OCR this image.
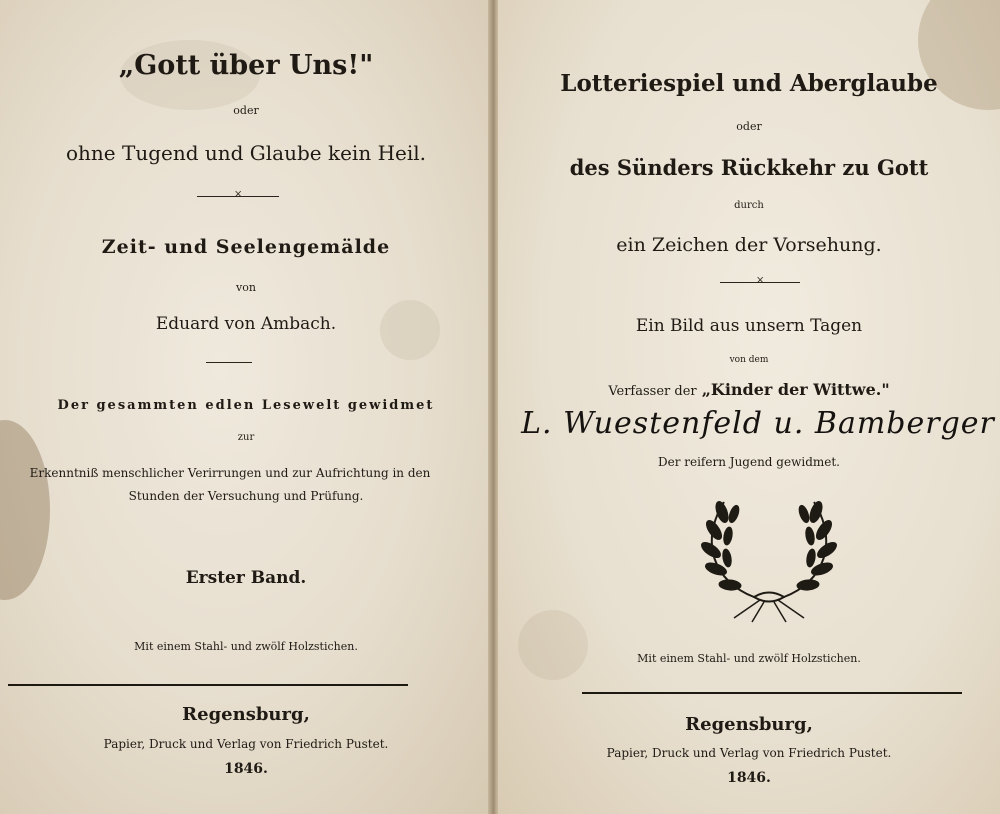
„Gott über Uns!"
oder
ohne Tugend und Glaube kein Heil.
×
Zeit- und Seelengemälde
von
Eduard von Ambach.
Der gesammten edlen Lesewelt gewidmet
zur
Erkenntniß menschlicher Verirrungen und zur Aufrichtung in den
Stunden der Versuchung und Prüfung.
Erster Band.
Mit einem Stahl- und zwölf Holzstichen.
Regensburg,
Papier, Druck und Verlag von Friedrich Pustet.
1846.
Lotteriespiel und Aberglaube
oder
des Sünders Rückkehr zu Gott
durch
ein Zeichen der Vorsehung.
×
Ein Bild aus unsern Tagen
von dem
Verfasser der „Kinder der Wittwe."
L. Wuestenfeld u. Bamberger
Der reifern Jugend gewidmet.
Mit einem Stahl- und zwölf Holzstichen.
Regensburg,
Papier, Druck und Verlag von Friedrich Pustet.
1846.
